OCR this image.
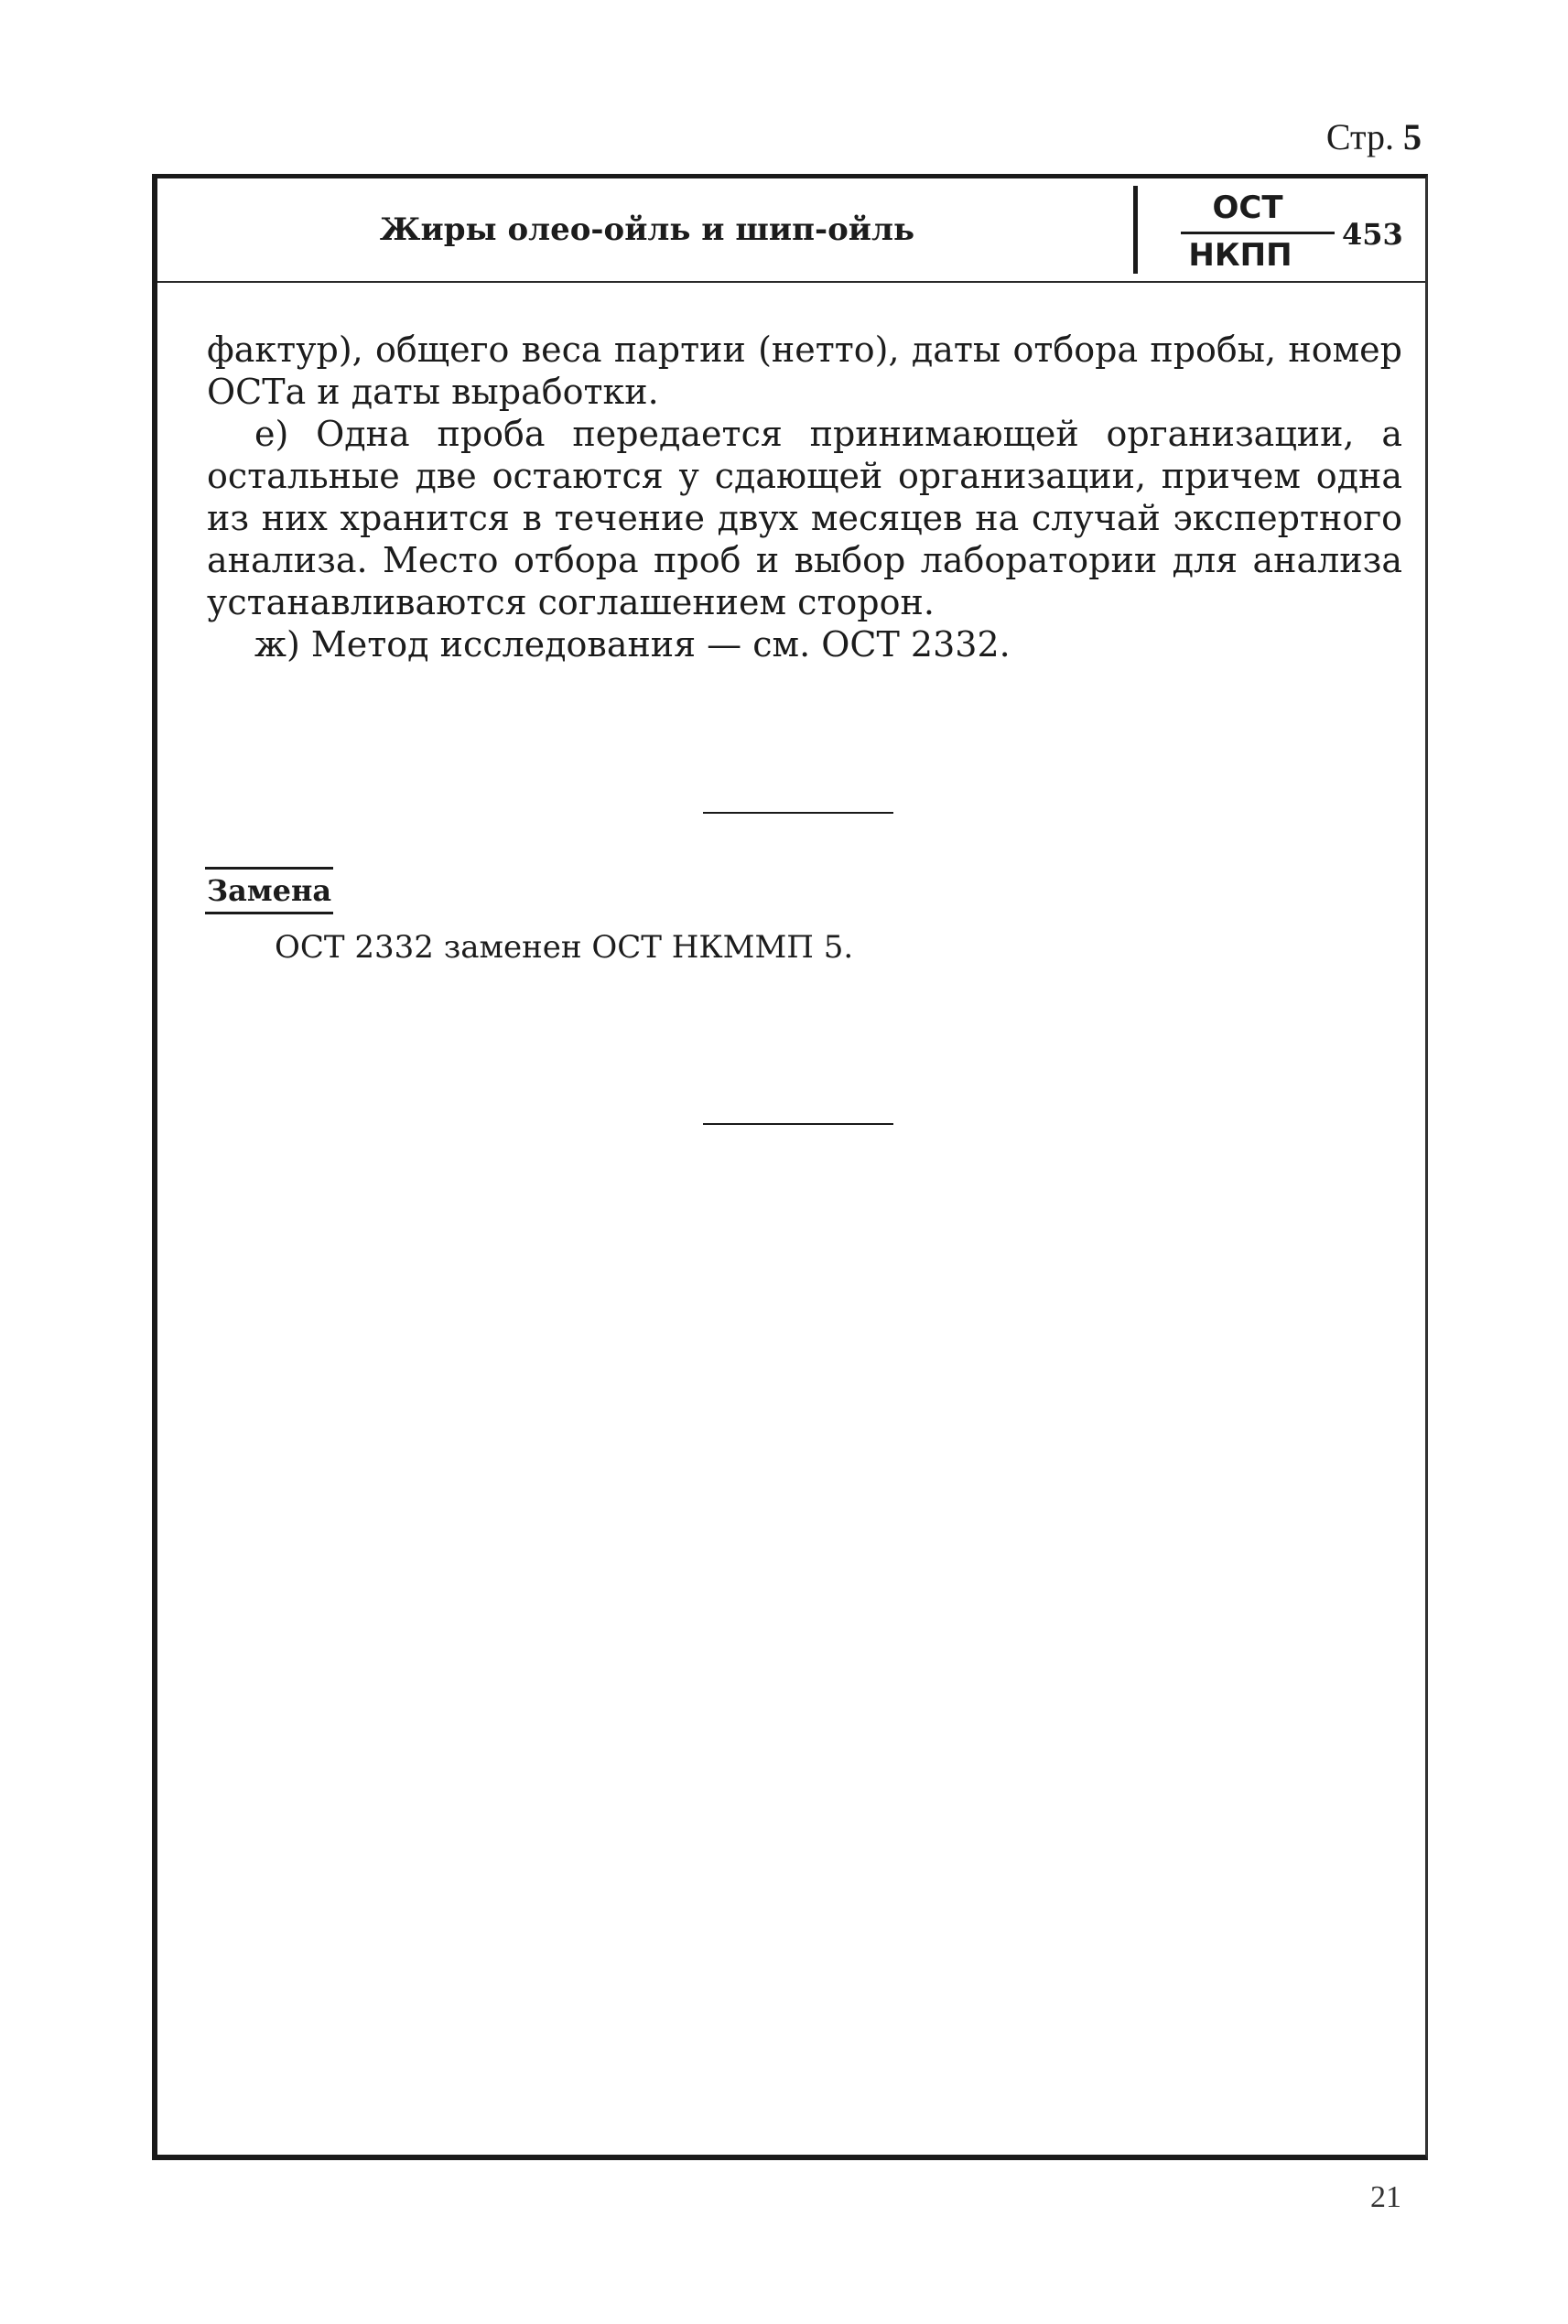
Стр. 5
Жиры олео-ойль и шип-ойль
ОСТ
НКПП
453

фактур), общего веса партии (нетто), даты отбора пробы, номер ОСТа и даты выработки.

е) Одна проба передается принимающей организации, а остальные две остаются у сдающей организации, причем одна из них хранится в течение двух месяцев на случай экспертного анализа. Место отбора проб и выбор лаборатории для анализа устанавливаются соглашением сторон.

ж) Метод исследования — см. ОСТ 2332.

Замена
ОСТ 2332 заменен ОСТ НКММП 5.
21
